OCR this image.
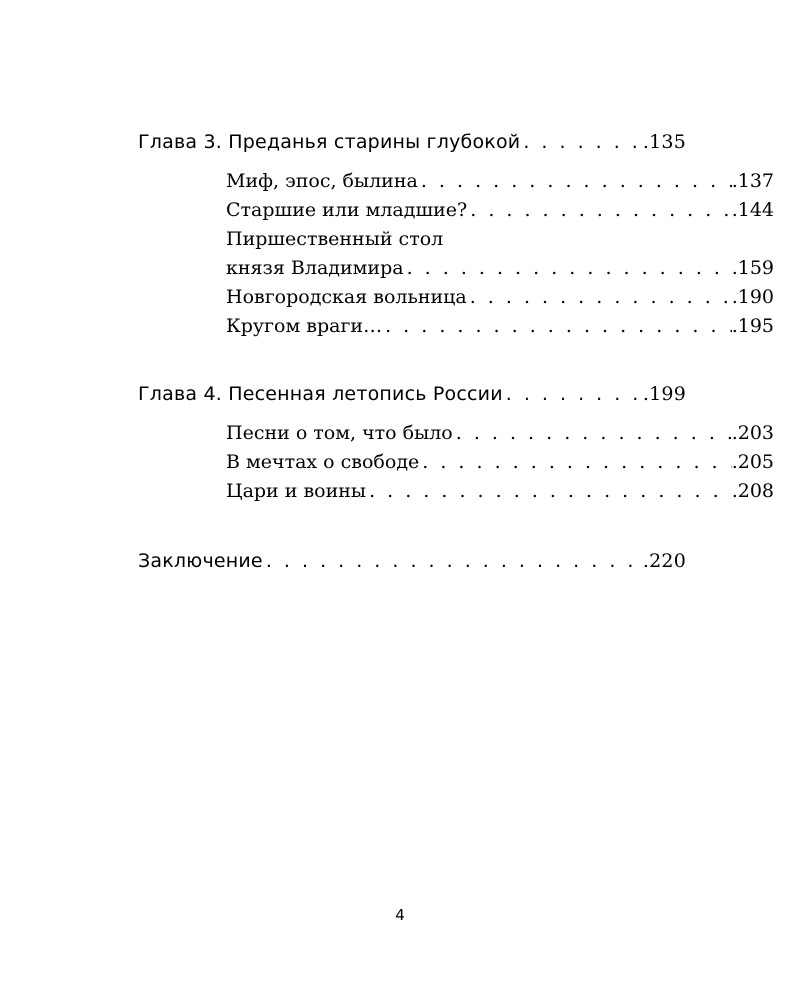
Глава 3. Преданья старины глубокой . . .	.135
Миф, эпос, былина . . .	.137
Старшие или младшие? . . .	.144
Пиршественный стол
князя Владимира . . .	.159
Новгородская вольница . . .	.190
Кругом враги… . . .	.195
Глава 4. Песенная летопись России . . .	.199
Песни о том, что было . . .	.203
В мечтах о свободе . . .	.205
Цари и воины . . .	.208
Заключение . . .	.220
4
